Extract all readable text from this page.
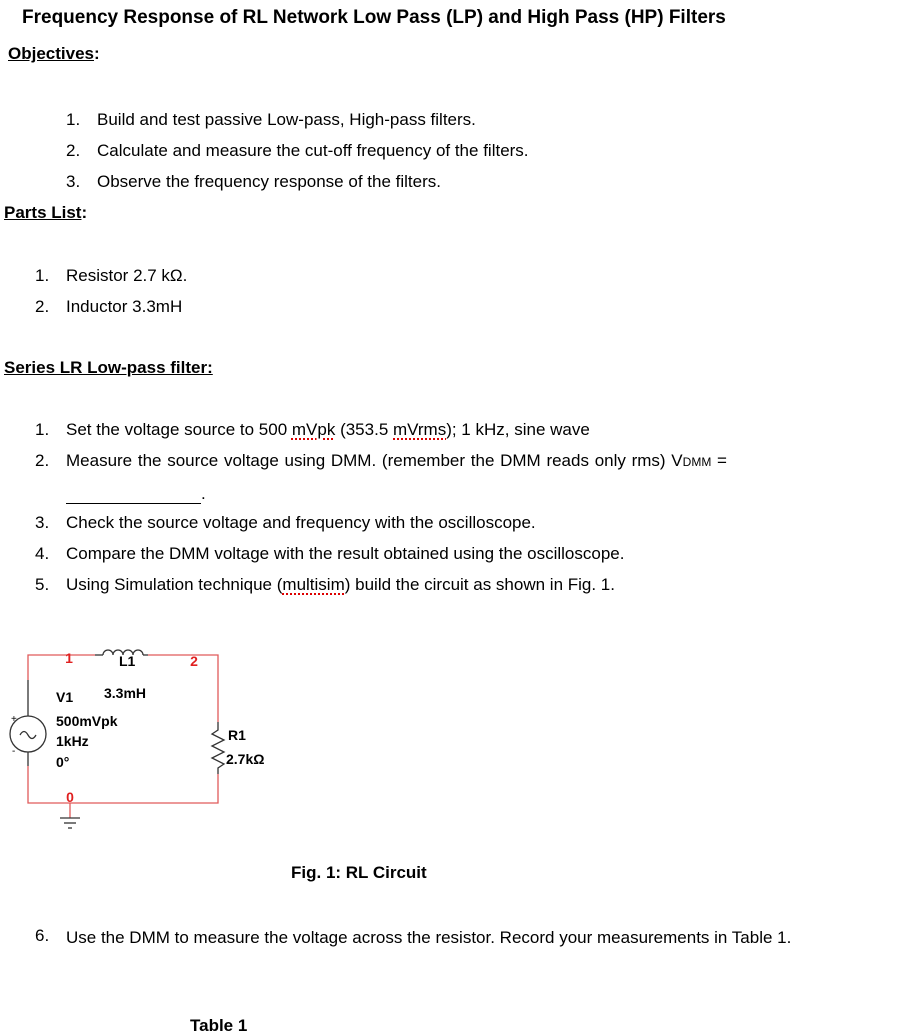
Frequency Response of RL Network Low Pass (LP) and High Pass (HP) Filters
Objectives:
1. Build and test passive Low-pass, High-pass filters.
2. Calculate and measure the cut-off frequency of the filters.
3. Observe the frequency response of the filters.
Parts List:
1. Resistor 2.7 kΩ.
2. Inductor 3.3mH
Series LR Low-pass filter:
1. Set the voltage source to 500 mVpk (353.5 mVrms); 1 kHz, sine wave
2. Measure the source voltage using DMM. (remember the DMM reads only rms) VDMM =
.
3. Check the source voltage and frequency with the oscilloscope.
4. Compare the DMM voltage with the result obtained using the oscilloscope.
5. Using Simulation technique (multisim) build the circuit as shown in Fig. 1.
1	2
0
L1
3.3mH
V1
500mVpk
1kHz
0°
R1
2.7kΩ
+
-
Fig. 1: RL Circuit
6. Use the DMM to measure the voltage across the resistor. Record your measurements in Table 1.
Table 1
